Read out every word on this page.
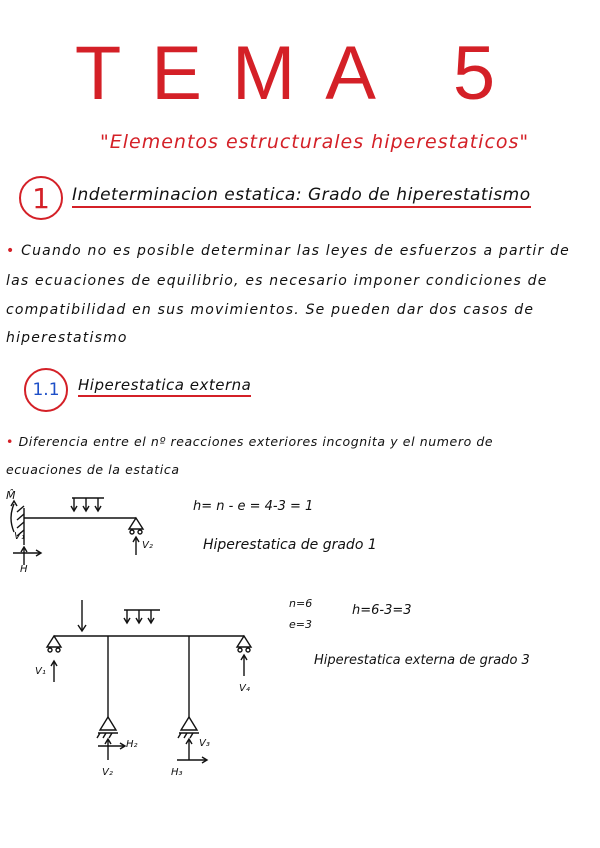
TEMA 5
"Elementos estructurales hiperestaticos"
1	Indeterminacion estatica: Grado de hiperestatismo
• Cuando no es posible determinar las leyes de esfuerzos a partir de
las ecuaciones de equilibrio, es necesario imponer condiciones de
compatibilidad en sus movimientos. Se pueden dar dos casos de
hiperestatismo
1.1	Hiperestatica externa
• Diferencia entre el nº reacciones exteriores incognita y el numero de
ecuaciones de la estatica
M̂
V₁
H
V₂
h= n - e = 4-3 = 1
Hiperestatica de grado 1
V₁
V₄
H₂
V₂
V₃
H₃
n=6
e=3
h=6-3=3
Hiperestatica externa de grado 3
